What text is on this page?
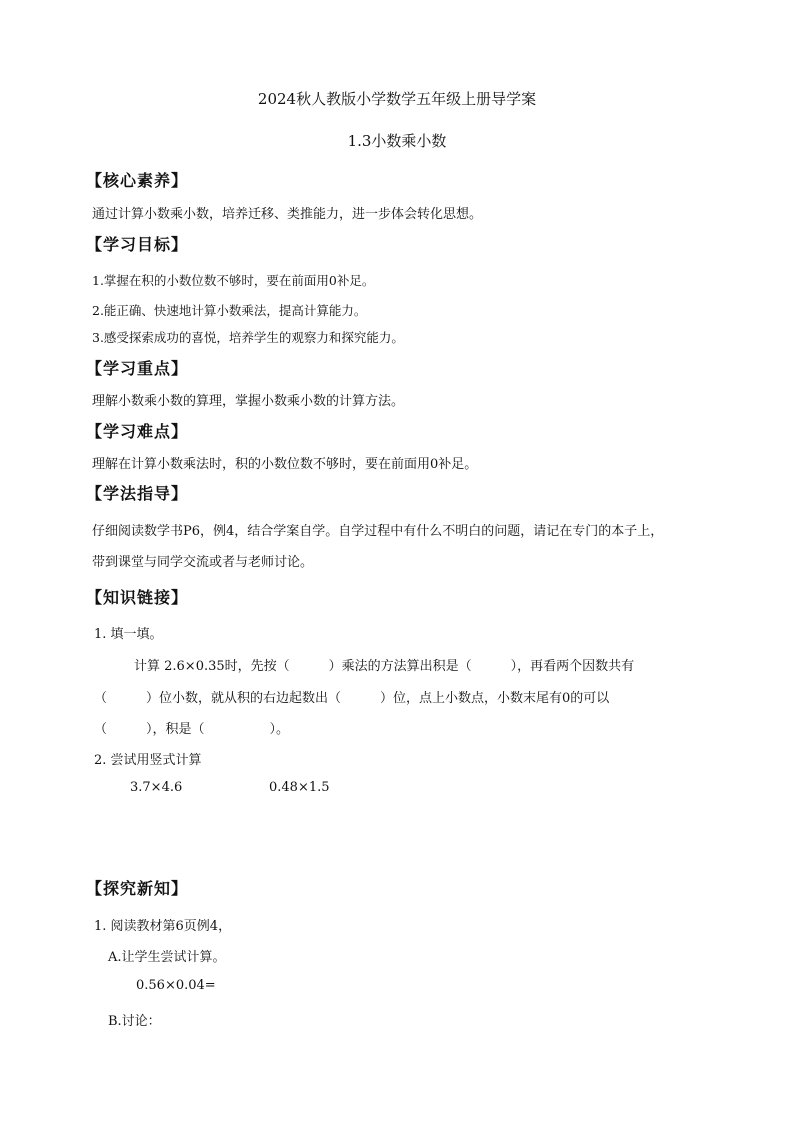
2024秋人教版小学数学五年级上册导学案
1.3小数乘小数
【核心素养】
通过计算小数乘小数，培养迁移、类推能力，进一步体会转化思想。
【学习目标】
1.掌握在积的小数位数不够时，要在前面用0补足。
2.能正确、快速地计算小数乘法，提高计算能力。
3.感受探索成功的喜悦，培养学生的观察力和探究能力。
【学习重点】
理解小数乘小数的算理，掌握小数乘小数的计算方法。
【学习难点】
理解在计算小数乘法时，积的小数位数不够时，要在前面用0补足。
【学法指导】
仔细阅读数学书P6，例4，结合学案自学。自学过程中有什么不明白的问题，请记在专门的本子上，
带到课堂与同学交流或者与老师讨论。
【知识链接】
1. 填一填。
计算 2.6×0.35时，先按（　　　）乘法的方法算出积是（　　　），再看两个因数共有
（　　　）位小数，就从积的右边起数出（　　　）位，点上小数点，小数末尾有0的可以
（　　　），积是（　　　　　）。
2. 尝试用竖式计算
3.7×4.6	0.48×1.5
【探究新知】
1. 阅读教材第6页例4，
A.让学生尝试计算。
0.56×0.04=
B.讨论：
